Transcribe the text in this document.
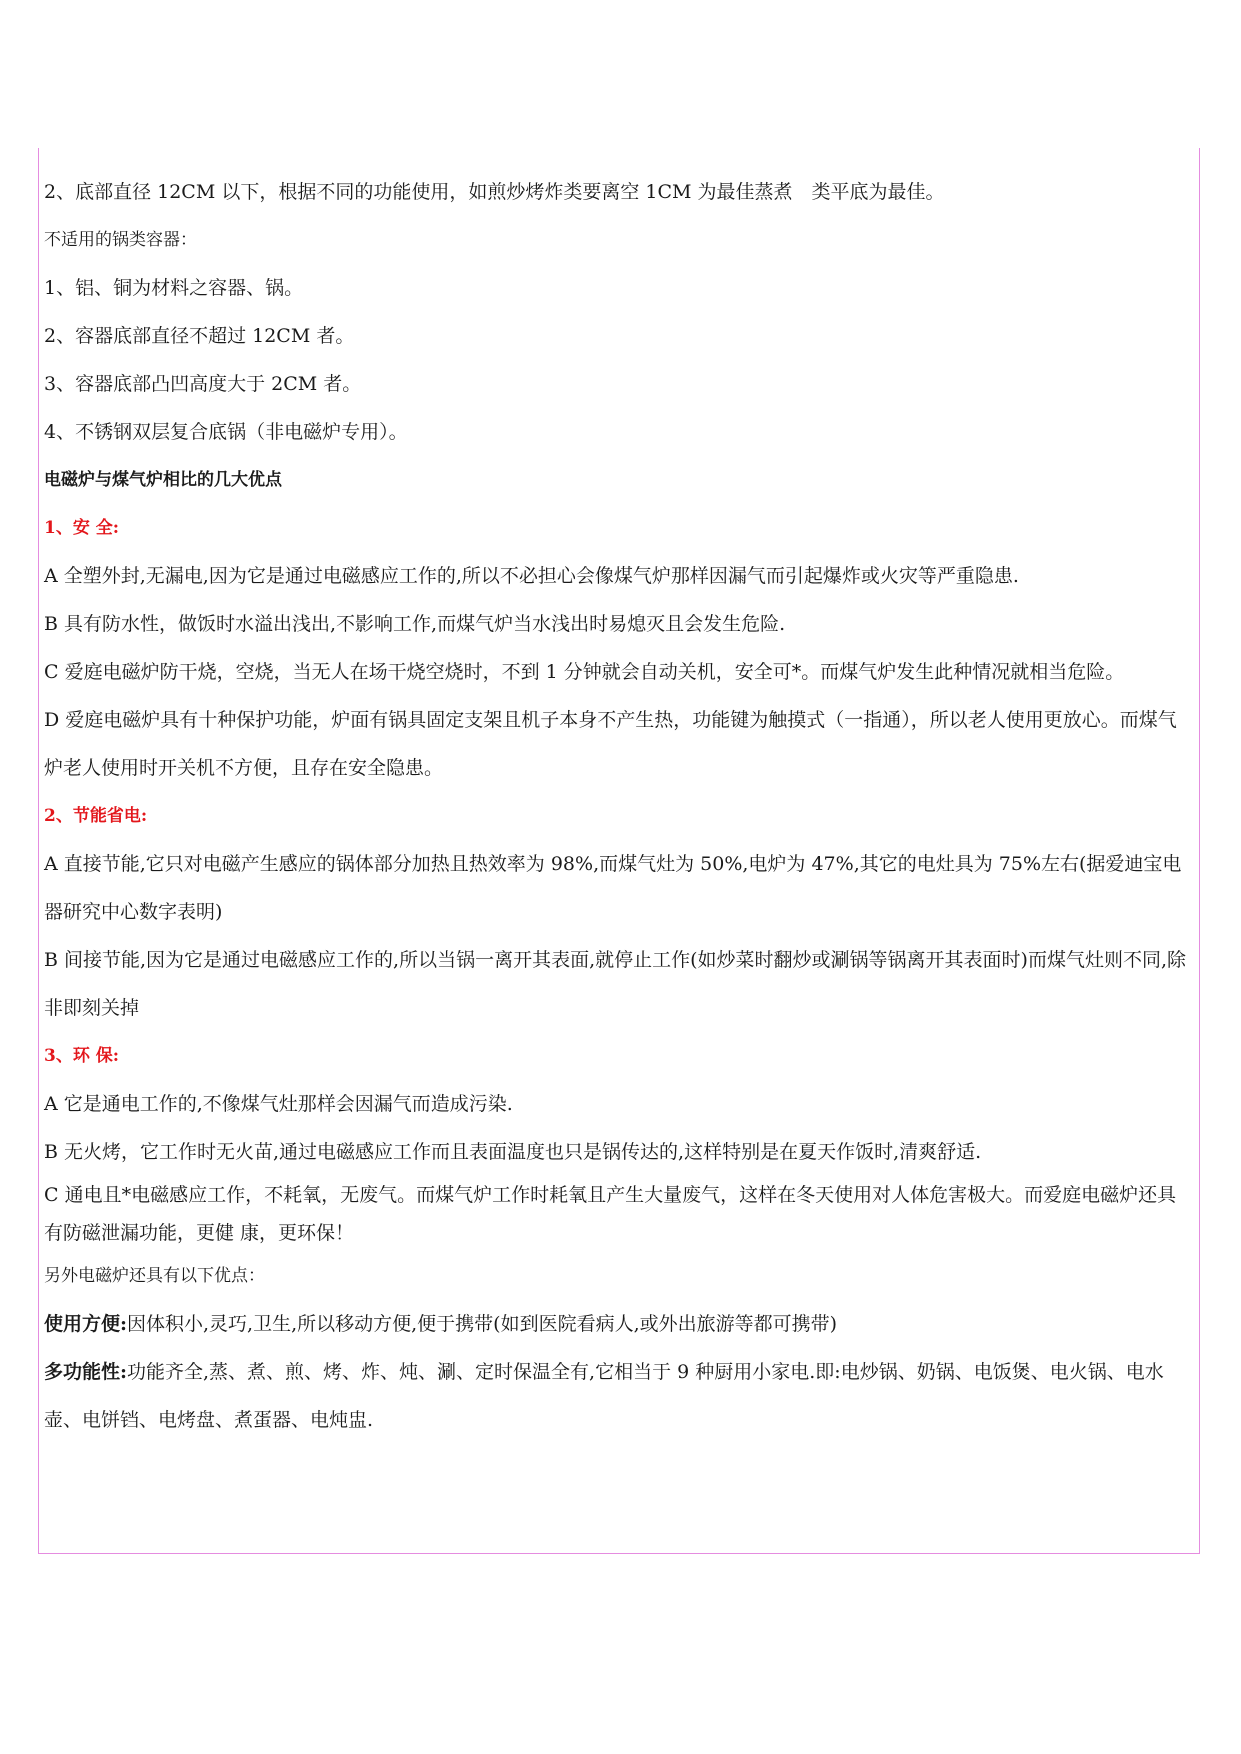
2、底部直径 12CM 以下，根据不同的功能使用，如煎炒烤炸类要离空 1CM 为最佳蒸煮　类平底为最佳。

不适用的锅类容器：

1、铝、铜为材料之容器、锅。

2、容器底部直径不超过 12CM 者。

3、容器底部凸凹高度大于 2CM 者。

4、不锈钢双层复合底锅（非电磁炉专用）。

电磁炉与煤气炉相比的几大优点

1、安 全:

A 全塑外封,无漏电,因为它是通过电磁感应工作的,所以不必担心会像煤气炉那样因漏气而引起爆炸或火灾等严重隐患.

B 具有防水性，做饭时水溢出浅出,不影响工作,而煤气炉当水浅出时易熄灭且会发生危险.

C 爱庭电磁炉防干烧，空烧，当无人在场干烧空烧时，不到 1 分钟就会自动关机，安全可*。而煤气炉发生此种情况就相当危险。

D 爱庭电磁炉具有十种保护功能，炉面有锅具固定支架且机子本身不产生热，功能键为触摸式（一指通），所以老人使用更放心。而煤气炉老人使用时开关机不方便，且存在安全隐患。

2、节能省电:

A 直接节能,它只对电磁产生感应的锅体部分加热且热效率为 98%,而煤气灶为 50%,电炉为 47%,其它的电灶具为 75%左右(据爱迪宝电器研究中心数字表明)

B 间接节能,因为它是通过电磁感应工作的,所以当锅一离开其表面,就停止工作(如炒菜时翻炒或涮锅等锅离开其表面时)而煤气灶则不同,除非即刻关掉

3、环 保:

A 它是通电工作的,不像煤气灶那样会因漏气而造成污染.

B 无火烤，它工作时无火苗,通过电磁感应工作而且表面温度也只是锅传达的,这样特别是在夏天作饭时,清爽舒适.

C 通电且*电磁感应工作，不耗氧，无废气。而煤气炉工作时耗氧且产生大量废气，这样在冬天使用对人体危害极大。而爱庭电磁炉还具有防磁泄漏功能，更健 康，更环保！

另外电磁炉还具有以下优点：

使用方便:因体积小,灵巧,卫生,所以移动方便,便于携带(如到医院看病人,或外出旅游等都可携带)

多功能性:功能齐全,蒸、煮、煎、烤、炸、炖、涮、定时保温全有,它相当于 9 种厨用小家电.即:电炒锅、奶锅、电饭煲、电火锅、电水壶、电饼铛、电烤盘、煮蛋器、电炖盅.
